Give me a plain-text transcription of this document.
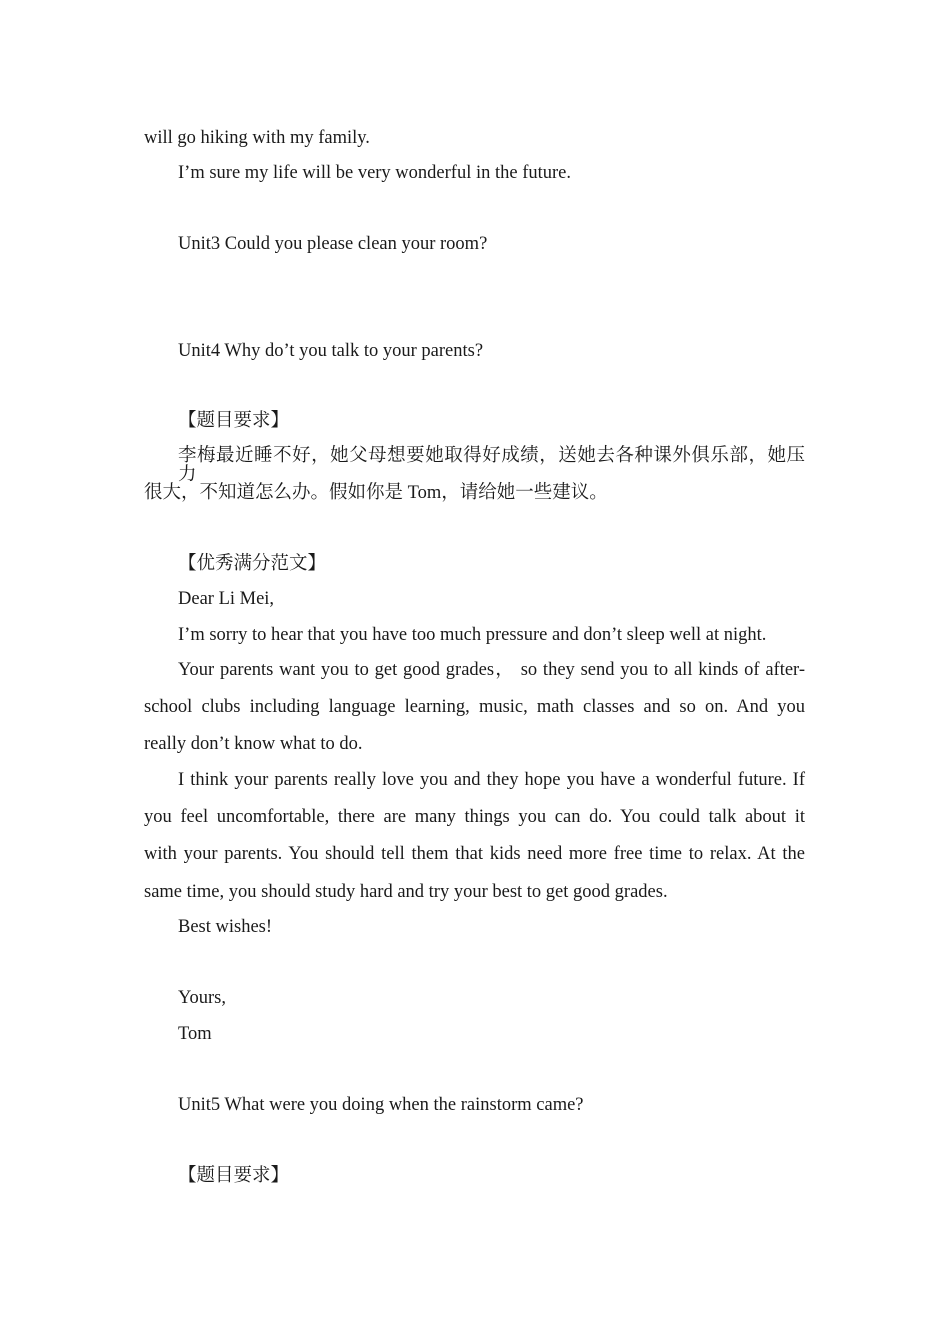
will go hiking with my family.
I’m sure my life will be very wonderful in the future.
Unit3 Could you please clean your room?
Unit4 Why do’t you talk to your parents?
【题目要求】
李梅最近睡不好，她父母想要她取得好成绩，送她去各种课外俱乐部，她压力
很大，不知道怎么办。假如你是 Tom，请给她一些建议。
【优秀满分范文】
Dear Li Mei,
I’m sorry to hear that you have too much pressure and don’t sleep well at night.
Your parents want you to get good grades， so they send you to all kinds of after-
school clubs including language learning, music, math classes and so on. And you
really don’t know what to do.
I think your parents really love you and they hope you have a wonderful future. If
you feel uncomfortable, there are many things you can do. You could talk about it
with your parents. You should tell them that kids need more free time to relax. At the
same time, you should study hard and try your best to get good grades.
Best wishes!
Yours,
Tom
Unit5 What were you doing when the rainstorm came?
【题目要求】
